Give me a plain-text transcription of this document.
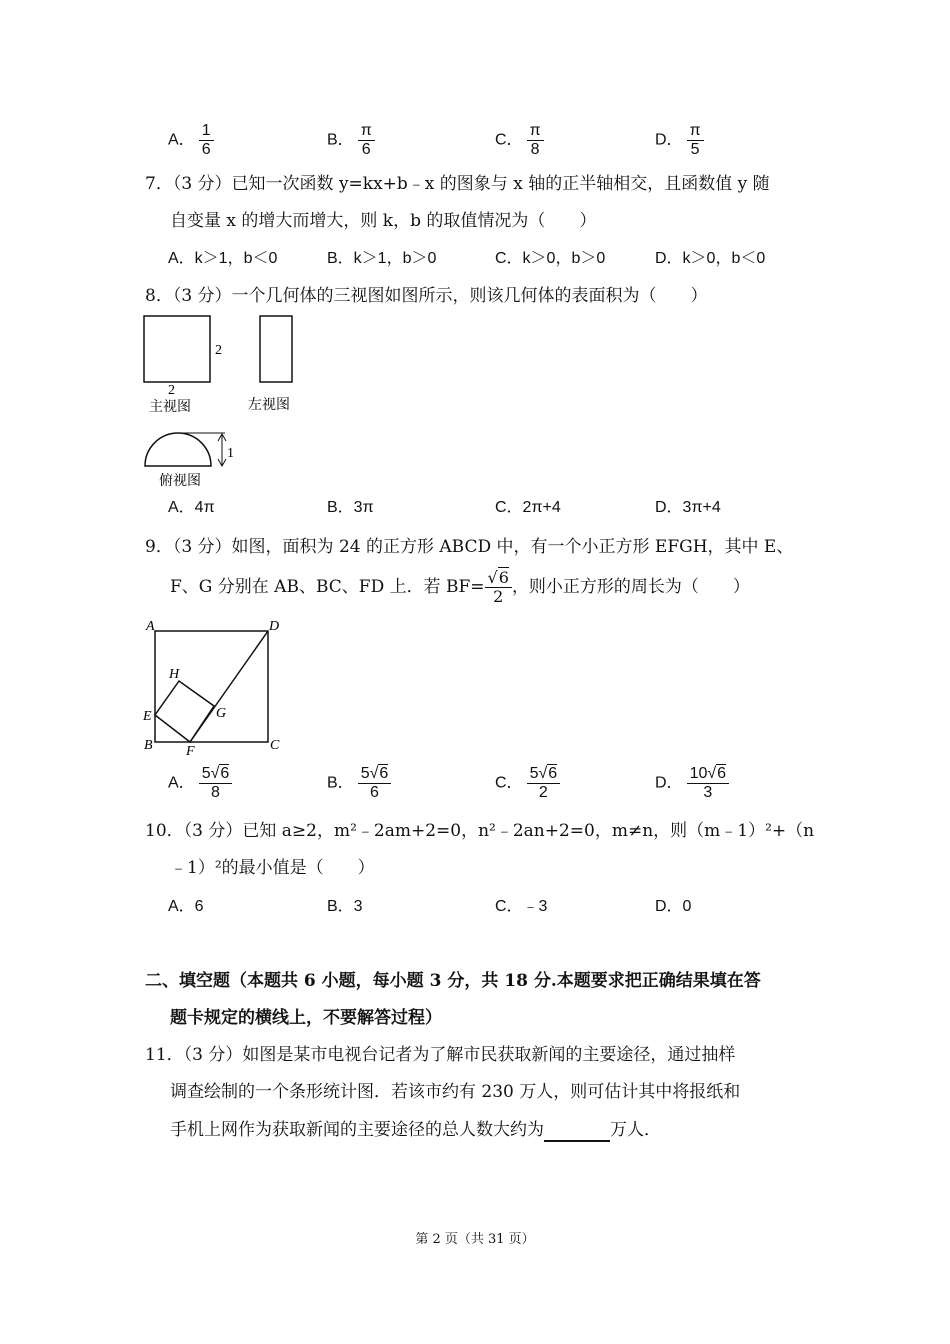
A． $\frac{1}{6}$	B． $\frac{\pi}{6}$	C． $\frac{\pi}{8}$	D． $\frac{\pi}{5}$
7．（3 分）已知一次函数 y=kx+b﹣x 的图象与 x 轴的正半轴相交，且函数值 y 随
自变量 x 的增大而增大，则 k，b 的取值情况为（　　）
A．k＞1，b＜0	B．k＞1，b＞0	C．k＞0，b＞0	D．k＞0，b＜0
8．（3 分）一个几何体的三视图如图所示，则该几何体的表面积为（　　）
2
2
主视图	左视图
1
俯视图
A．4π	B．3π	C．2π+4	D．3π+4
9．（3 分）如图，面积为 24 的正方形 ABCD 中，有一个小正方形 EFGH，其中 E、
F、G 分别在 AB、BC、FD 上．若 $BF= \frac{√6}{2}$ ，则小正方形的周长为（　　）
A	D
B	C
E
F
G
H
A． $\frac{5√6}{8}$	B． $\frac{5√6}{6}$	C． $\frac{5√6}{2}$	D． $\frac{10√6}{3}$
10．（3 分）已知 a≥2，m²﹣2am+2=0，n²﹣2an+2=0，m≠n，则（m﹣1）²+（n
﹣1）²的最小值是（　　）
A．6	B．3	C．﹣3	D．0
二、填空题（本题共 6 小题，每小题 3 分，共 18 分.本题要求把正确结果填在答
题卡规定的横线上，不要解答过程）
11．（3 分）如图是某市电视台记者为了解市民获取新闻的主要途径，通过抽样
调查绘制的一个条形统计图．若该市约有 230 万人，则可估计其中将报纸和
手机上网作为获取新闻的主要途径的总人数大约为	万人．
第 2 页（共 31 页）
